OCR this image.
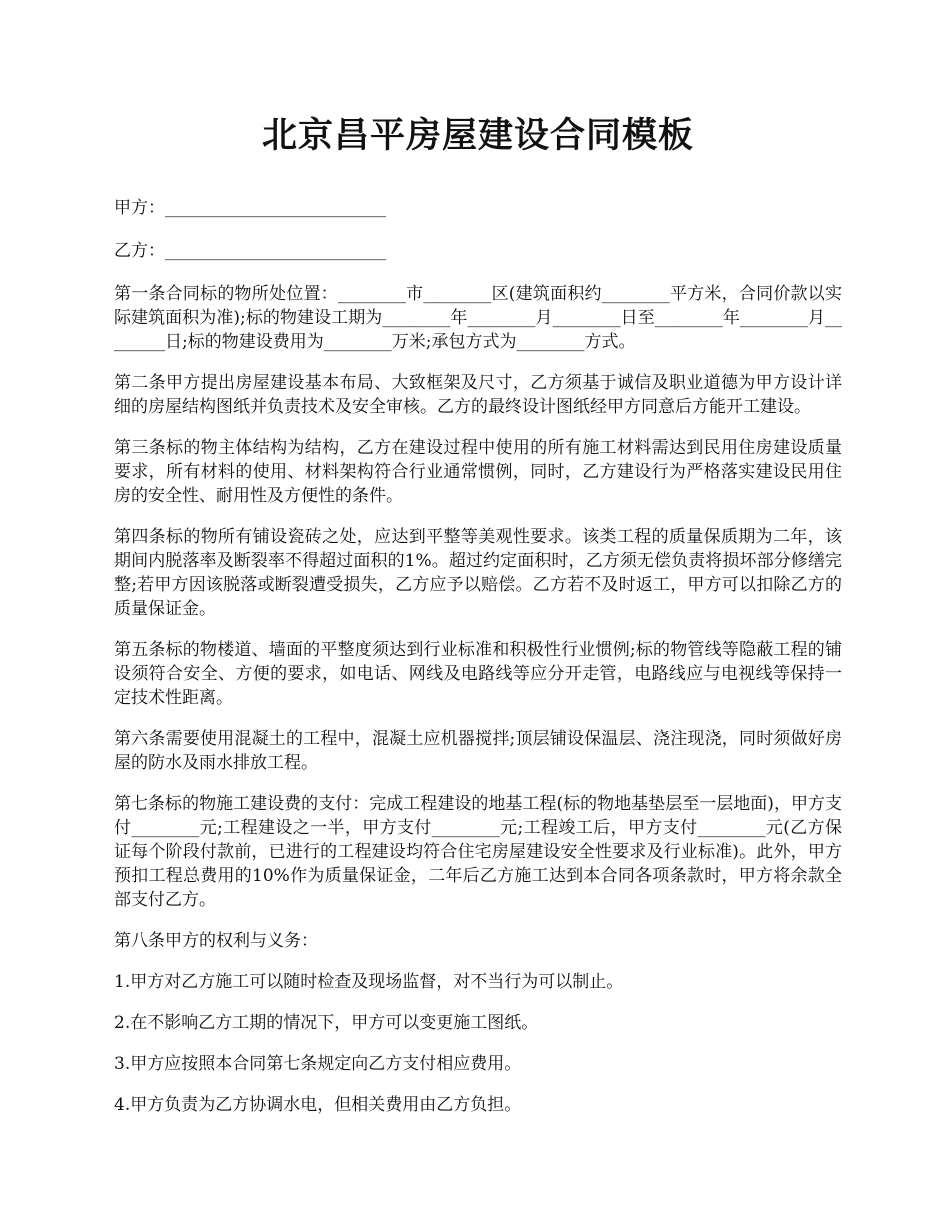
北京昌平房屋建设合同模板

甲方：__________________________

乙方：__________________________

第一条合同标的物所处位置：________市________区(建筑面积约________平方米，合同价款以实际建筑面积为准);标的物建设工期为________年________月________日至________年________月________日;标的物建设费用为________万米;承包方式为________方式。

第二条甲方提出房屋建设基本布局、大致框架及尺寸，乙方须基于诚信及职业道德为甲方设计详细的房屋结构图纸并负责技术及安全审核。乙方的最终设计图纸经甲方同意后方能开工建设。

第三条标的物主体结构为结构，乙方在建设过程中使用的所有施工材料需达到民用住房建设质量要求，所有材料的使用、材料架构符合行业通常惯例，同时，乙方建设行为严格落实建设民用住房的安全性、耐用性及方便性的条件。

第四条标的物所有铺设瓷砖之处，应达到平整等美观性要求。该类工程的质量保质期为二年，该期间内脱落率及断裂率不得超过面积的1%。超过约定面积时，乙方须无偿负责将损坏部分修缮完整;若甲方因该脱落或断裂遭受损失，乙方应予以赔偿。乙方若不及时返工，甲方可以扣除乙方的质量保证金。

第五条标的物楼道、墙面的平整度须达到行业标准和积极性行业惯例;标的物管线等隐蔽工程的铺设须符合安全、方便的要求，如电话、网线及电路线等应分开走管，电路线应与电视线等保持一定技术性距离。

第六条需要使用混凝土的工程中，混凝土应机器搅拌;顶层铺设保温层、浇注现浇，同时须做好房屋的防水及雨水排放工程。

第七条标的物施工建设费的支付：完成工程建设的地基工程(标的物地基垫层至一层地面)，甲方支付________元;工程建设之一半，甲方支付________元;工程竣工后，甲方支付________元(乙方保证每个阶段付款前，已进行的工程建设均符合住宅房屋建设安全性要求及行业标准)。此外，甲方预扣工程总费用的10%作为质量保证金，二年后乙方施工达到本合同各项条款时，甲方将余款全部支付乙方。

第八条甲方的权利与义务：

1.甲方对乙方施工可以随时检查及现场监督，对不当行为可以制止。

2.在不影响乙方工期的情况下，甲方可以变更施工图纸。

3.甲方应按照本合同第七条规定向乙方支付相应费用。

4.甲方负责为乙方协调水电，但相关费用由乙方负担。
